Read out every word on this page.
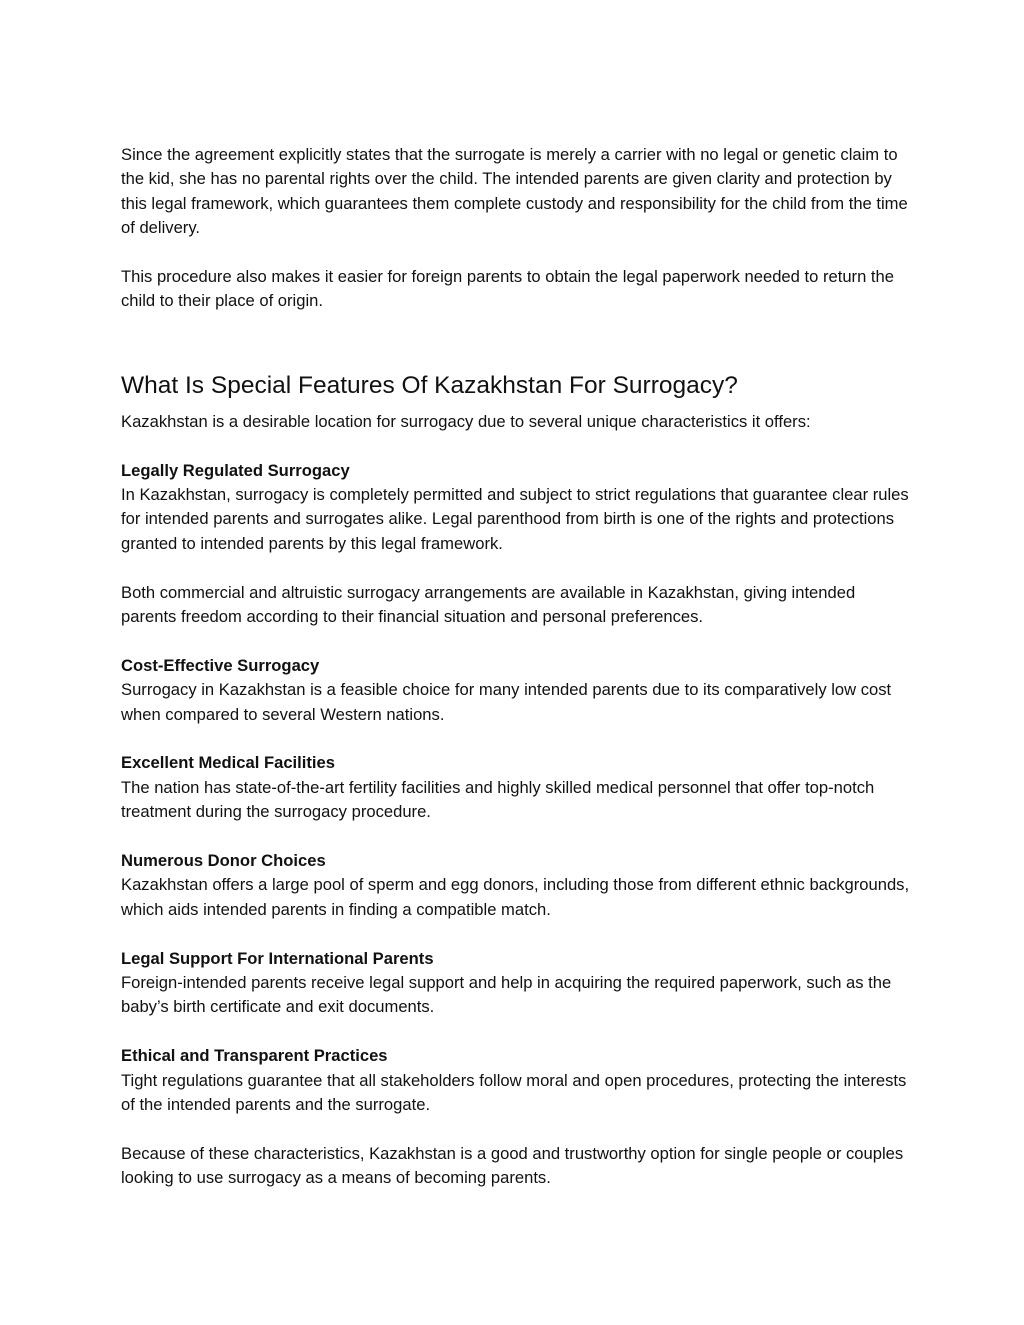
Since the agreement explicitly states that the surrogate is merely a carrier with no legal or genetic claim to the kid, she has no parental rights over the child. The intended parents are given clarity and protection by this legal framework, which guarantees them complete custody and responsibility for the child from the time of delivery.

This procedure also makes it easier for foreign parents to obtain the legal paperwork needed to return the child to their place of origin.

What Is Special Features Of Kazakhstan For Surrogacy?

Kazakhstan is a desirable location for surrogacy due to several unique characteristics it offers:

Legally Regulated Surrogacy

In Kazakhstan, surrogacy is completely permitted and subject to strict regulations that guarantee clear rules for intended parents and surrogates alike. Legal parenthood from birth is one of the rights and protections granted to intended parents by this legal framework.

Both commercial and altruistic surrogacy arrangements are available in Kazakhstan, giving intended parents freedom according to their financial situation and personal preferences.

Cost-Effective Surrogacy

Surrogacy in Kazakhstan is a feasible choice for many intended parents due to its comparatively low cost when compared to several Western nations.

Excellent Medical Facilities

The nation has state-of-the-art fertility facilities and highly skilled medical personnel that offer top-notch treatment during the surrogacy procedure.

Numerous Donor Choices

Kazakhstan offers a large pool of sperm and egg donors, including those from different ethnic backgrounds, which aids intended parents in finding a compatible match.

Legal Support For International Parents

Foreign-intended parents receive legal support and help in acquiring the required paperwork, such as the baby’s birth certificate and exit documents.

Ethical and Transparent Practices

Tight regulations guarantee that all stakeholders follow moral and open procedures, protecting the interests of the intended parents and the surrogate.

Because of these characteristics, Kazakhstan is a good and trustworthy option for single people or couples looking to use surrogacy as a means of becoming parents.
